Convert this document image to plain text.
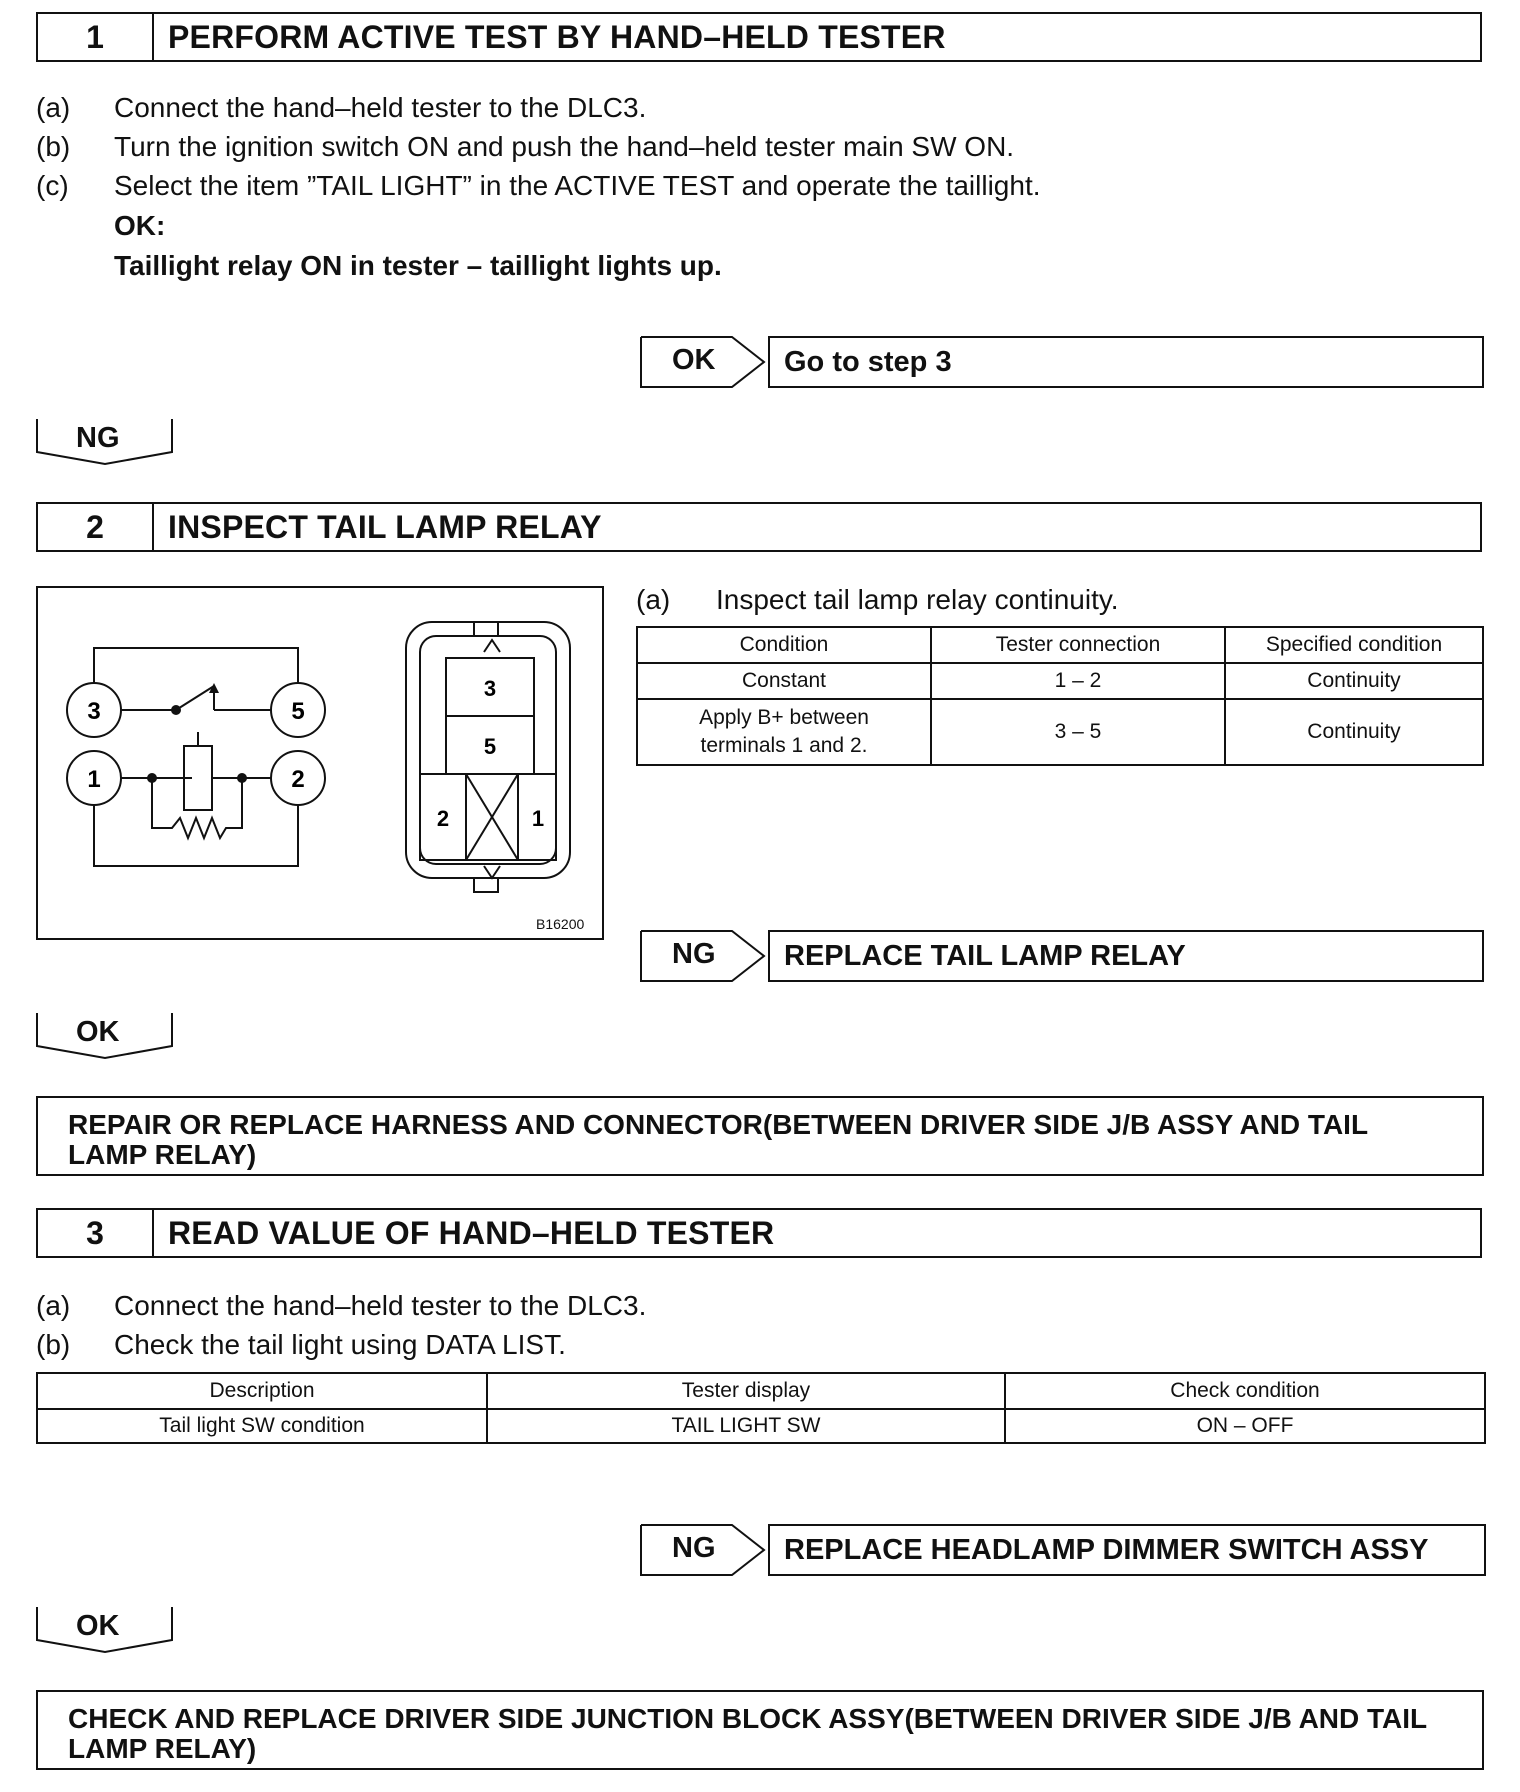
1	PERFORM ACTIVE TEST BY HAND–HELD TESTER
(a) Connect the hand–held tester to the DLC3.
(b) Turn the ignition switch ON and push the hand–held tester main SW ON.
(c) Select the item ”TAIL LIGHT” in the ACTIVE TEST and operate the taillight.
OK:
Taillight relay ON in tester – taillight lights up.
OK	Go to step 3
NG
2	INSPECT TAIL LAMP RELAY
3	5
1	2
3
5
2	1
B16200
(a) Inspect tail lamp relay continuity.
Condition	Tester connection	Specified condition
Constant	1 – 2	Continuity
Apply B+ between terminals 1 and 2.	3 – 5	Continuity
NG	REPLACE TAIL LAMP RELAY
OK
REPAIR OR REPLACE HARNESS AND CONNECTOR(BETWEEN DRIVER SIDE J/B ASSY AND TAIL LAMP RELAY)
3	READ VALUE OF HAND–HELD TESTER
(a) Connect the hand–held tester to the DLC3.
(b) Check the tail light using DATA LIST.
Description	Tester display	Check condition
Tail light SW condition	TAIL LIGHT SW	ON – OFF
NG	REPLACE HEADLAMP DIMMER SWITCH ASSY
OK
CHECK AND REPLACE DRIVER SIDE JUNCTION BLOCK ASSY(BETWEEN DRIVER SIDE J/B AND TAIL LAMP RELAY)
